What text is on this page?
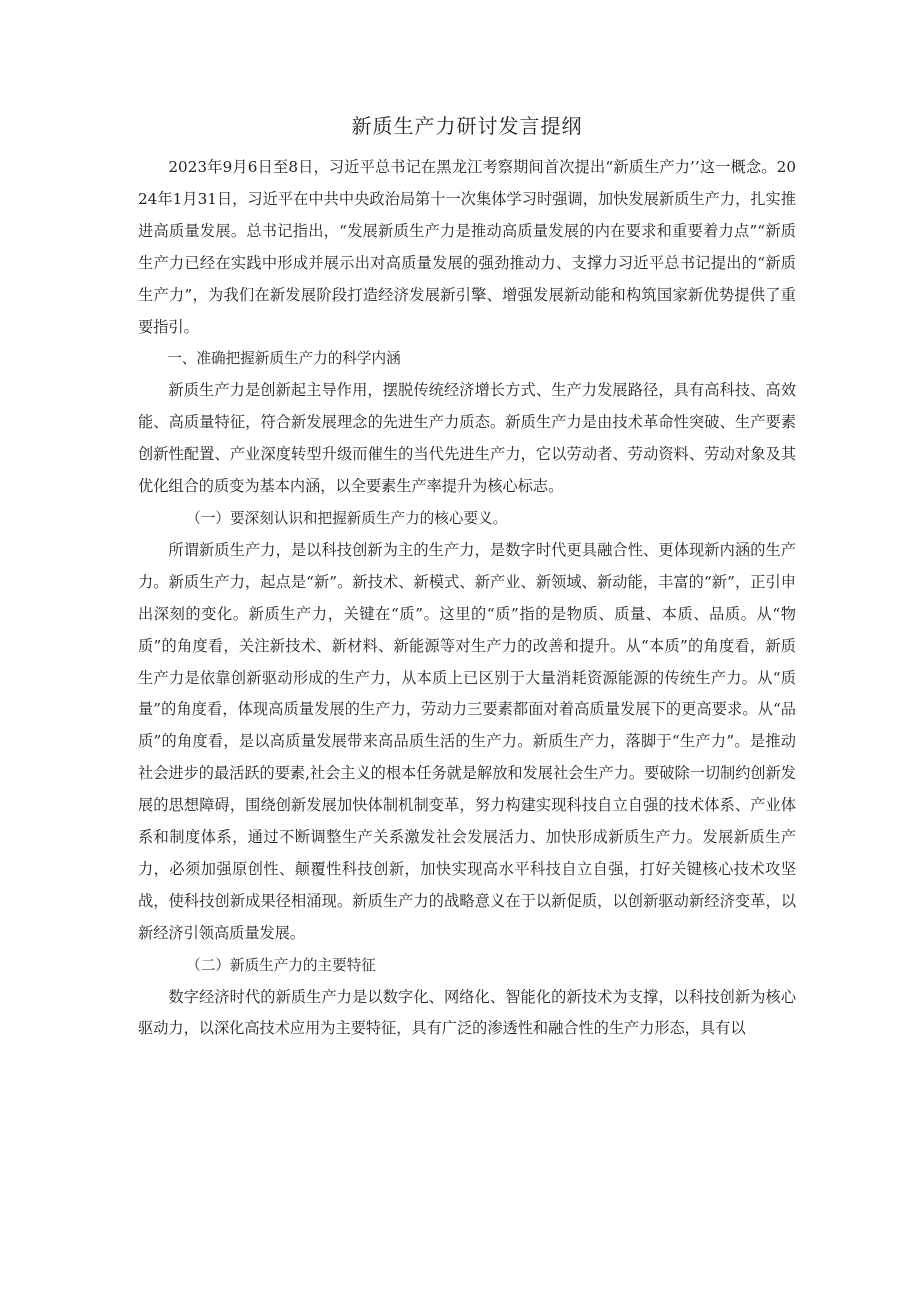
新质生产力研讨发言提纲

2023年9月6日至8日，习近平总书记在黑龙江考察期间首次提出“新质生产力’’这一概念。2024年1月31日，习近平在中共中央政治局第十一次集体学习时强调，加快发展新质生产力，扎实推进高质量发展。总书记指出，“发展新质生产力是推动高质量发展的内在要求和重要着力点”“新质生产力已经在实践中形成并展示出对高质量发展的强劲推动力、支撑力习近平总书记提出的“新质生产力”，为我们在新发展阶段打造经济发展新引擎、增强发展新动能和构筑国家新优势提供了重要指引。

一、准确把握新质生产力的科学内涵

新质生产力是创新起主导作用，摆脱传统经济增长方式、生产力发展路径，具有高科技、高效能、高质量特征，符合新发展理念的先进生产力质态。新质生产力是由技术革命性突破、生产要素创新性配置、产业深度转型升级而催生的当代先进生产力，它以劳动者、劳动资料、劳动对象及其优化组合的质变为基本内涵，以全要素生产率提升为核心标志。

（一）要深刻认识和把握新质生产力的核心要义。

所谓新质生产力，是以科技创新为主的生产力，是数字时代更具融合性、更体现新内涵的生产力。新质生产力，起点是“新”。新技术、新模式、新产业、新领域、新动能，丰富的“新”，正引申出深刻的变化。新质生产力，关键在“质”。这里的“质”指的是物质、质量、本质、品质。从“物质”的角度看，关注新技术、新材料、新能源等对生产力的改善和提升。从“本质”的角度看，新质生产力是依靠创新驱动形成的生产力，从本质上已区别于大量消耗资源能源的传统生产力。从“质量”的角度看，体现高质量发展的生产力，劳动力三要素都面对着高质量发展下的更高要求。从“品质”的角度看，是以高质量发展带来高品质生活的生产力。新质生产力，落脚于“生产力”。是推动社会进步的最活跃的要素,社会主义的根本任务就是解放和发展社会生产力。要破除一切制约创新发展的思想障碍，围绕创新发展加快体制机制变革，努力构建实现科技自立自强的技术体系、产业体系和制度体系，通过不断调整生产关系激发社会发展活力、加快形成新质生产力。发展新质生产力，必须加强原创性、颠覆性科技创新，加快实现高水平科技自立自强，打好关键核心技术攻坚战，使科技创新成果径相涌现。新质生产力的战略意义在于以新促质，以创新驱动新经济变革，以新经济引领高质量发展。

（二）新质生产力的主要特征

数字经济时代的新质生产力是以数字化、网络化、智能化的新技术为支撑，以科技创新为核心驱动力，以深化高技术应用为主要特征，具有广泛的渗透性和融合性的生产力形态，具有以
